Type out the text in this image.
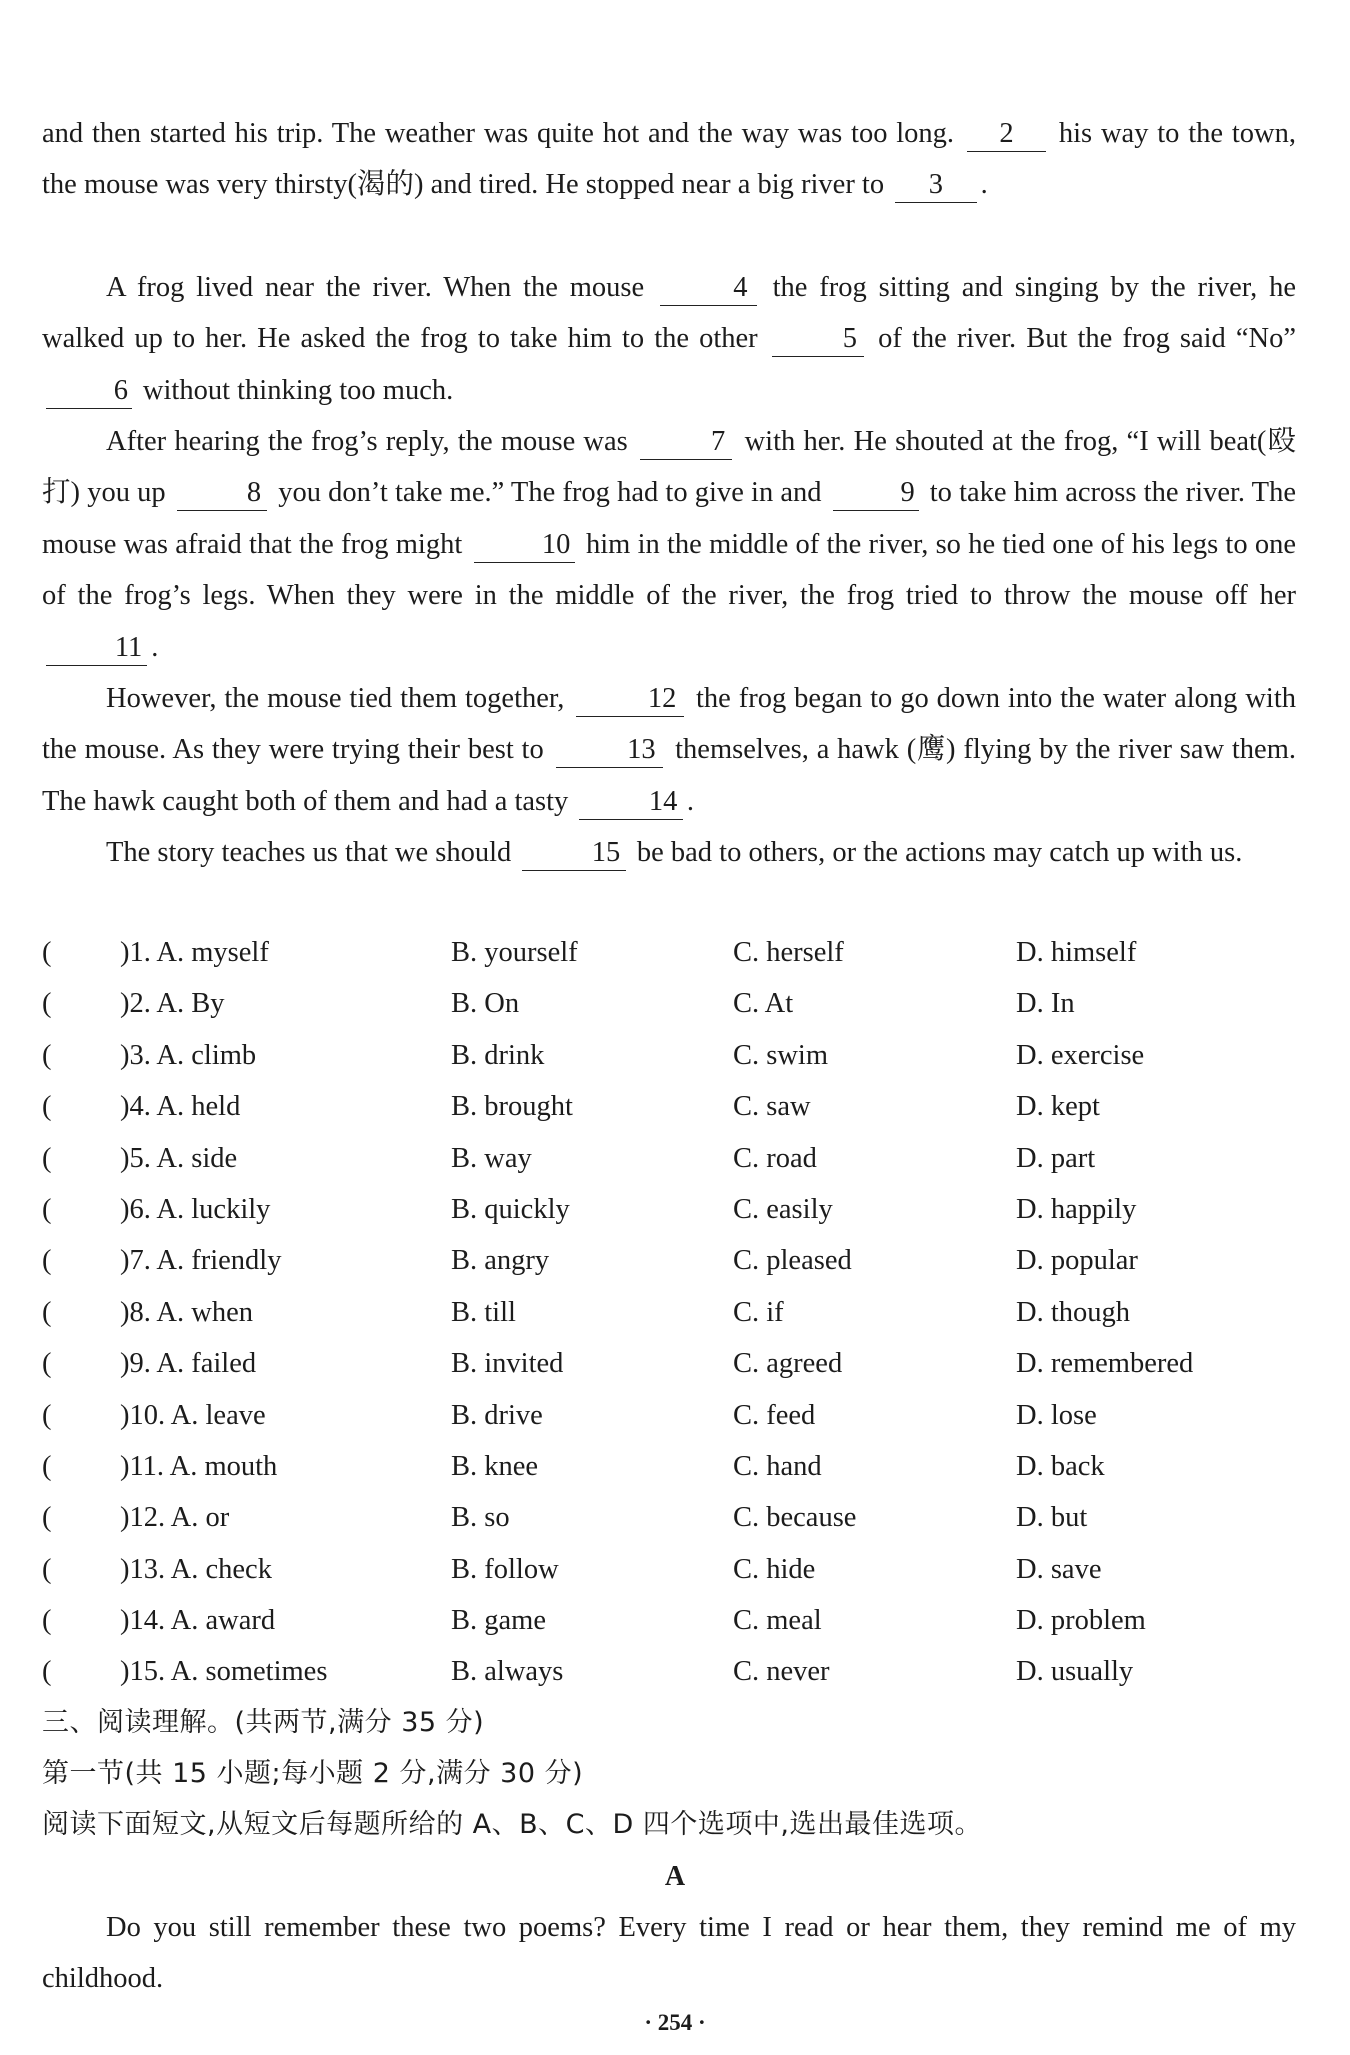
and then started his trip. The weather was quite hot and the way was too long. 2 his way to the town, the mouse was very thirsty(渴的) and tired. He stopped near a big river to 3 .

A frog lived near the river. When the mouse	4 the frog sitting and singing by the river, he walked up to her. He asked the frog to take him to the other	5 of the river. But the frog said “No” 6 without thinking too much.

After hearing the frog’s reply, the mouse was	7 with her. He shouted at the frog, “I will beat(殴打) you up	8 you don’t take me.” The frog had to give in and	9 to take him across the river. The mouse was afraid that the frog might	10 him in the middle of the river, so he tied one of his legs to one of the frog’s legs. When they were in the middle of the river, the frog tried to throw the mouse off her 11 .

However, the mouse tied them together,	12 the frog began to go down into the water along with the mouse. As they were trying their best to	13 themselves, a hawk (鹰) flying by the river saw them. The hawk caught both of them and had a tasty	14 .

The story teaches us that we should	15 be bad to others, or the actions may catch up with us.

( )1. A. myself	B. yourself	C. herself	D. himself
( )2. A. By	B. On	C. At	D. In
( )3. A. climb	B. drink	C. swim	D. exercise
( )4. A. held	B. brought	C. saw	D. kept
( )5. A. side	B. way	C. road	D. part
( )6. A. luckily	B. quickly	C. easily	D. happily
( )7. A. friendly	B. angry	C. pleased	D. popular
( )8. A. when	B. till	C. if	D. though
( )9. A. failed	B. invited	C. agreed	D. remembered
( )10. A. leave	B. drive	C. feed	D. lose
( )11. A. mouth	B. knee	C. hand	D. back
( )12. A. or	B. so	C. because	D. but
( )13. A. check	B. follow	C. hide	D. save
( )14. A. award	B. game	C. meal	D. problem
( )15. A. sometimes	B. always	C. never	D. usually
三、阅读理解。(共两节,满分 35 分)
第一节(共 15 小题;每小题 2 分,满分 30 分)
阅读下面短文,从短文后每题所给的 A、B、C、D 四个选项中,选出最佳选项。
A

Do you still remember these two poems? Every time I read or hear them, they remind me of my childhood.

· 254 ·
